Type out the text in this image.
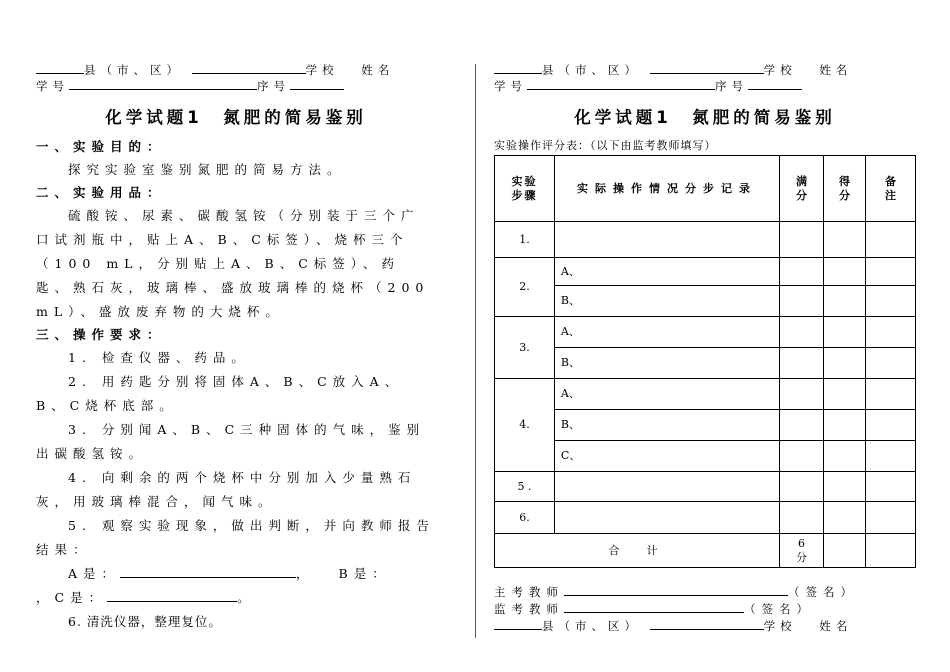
县（市、区）	学校 姓名
学号	序号
化学试题1　氮肥的简易鉴别
一、实验目的：
探究实验室鉴别氮肥的简易方法。
二、实验用品：
硫酸铵、尿素、碳酸氢铵（分别装于三个广口试剂瓶中，贴上A、B、C标签）、烧杯三个（100 mL，分别贴上A、B、C标签）、药匙、熟石灰，玻璃棒、盛放玻璃棒的烧杯（200 mL）、盛放废弃物的大烧杯。
三、操作要求：
1. 检查仪器、药品。
2. 用药匙分别将固体A、B、C放入A、B、C烧杯底部。
3. 分别闻A、B、C三种固体的气味，鉴别出碳酸氢铵。
4. 向剩余的两个烧杯中分别加入少量熟石灰，用玻璃棒混合，闻气味。
5. 观察实验现象，做出判断，并向教师报告结果：
A是：	， B是：
，C是：	。
6. 清洗仪器，整理复位。
县（市、区）	学校 姓名
学号	序号
化学试题1　氮肥的简易鉴别
实验操作评分表：（以下由监考教师填写）
实验步骤	实际操作情况分步记录	满分	得分	备注
1.				
2.	A、			
	B、			
3.	A、			
	B、			
4.	A、			
	B、			
	C、			
5 .				
6.				
合　计		6分		
主考教师	（签名）
监考教师	（签名）
县（市、区）	学校 姓名
